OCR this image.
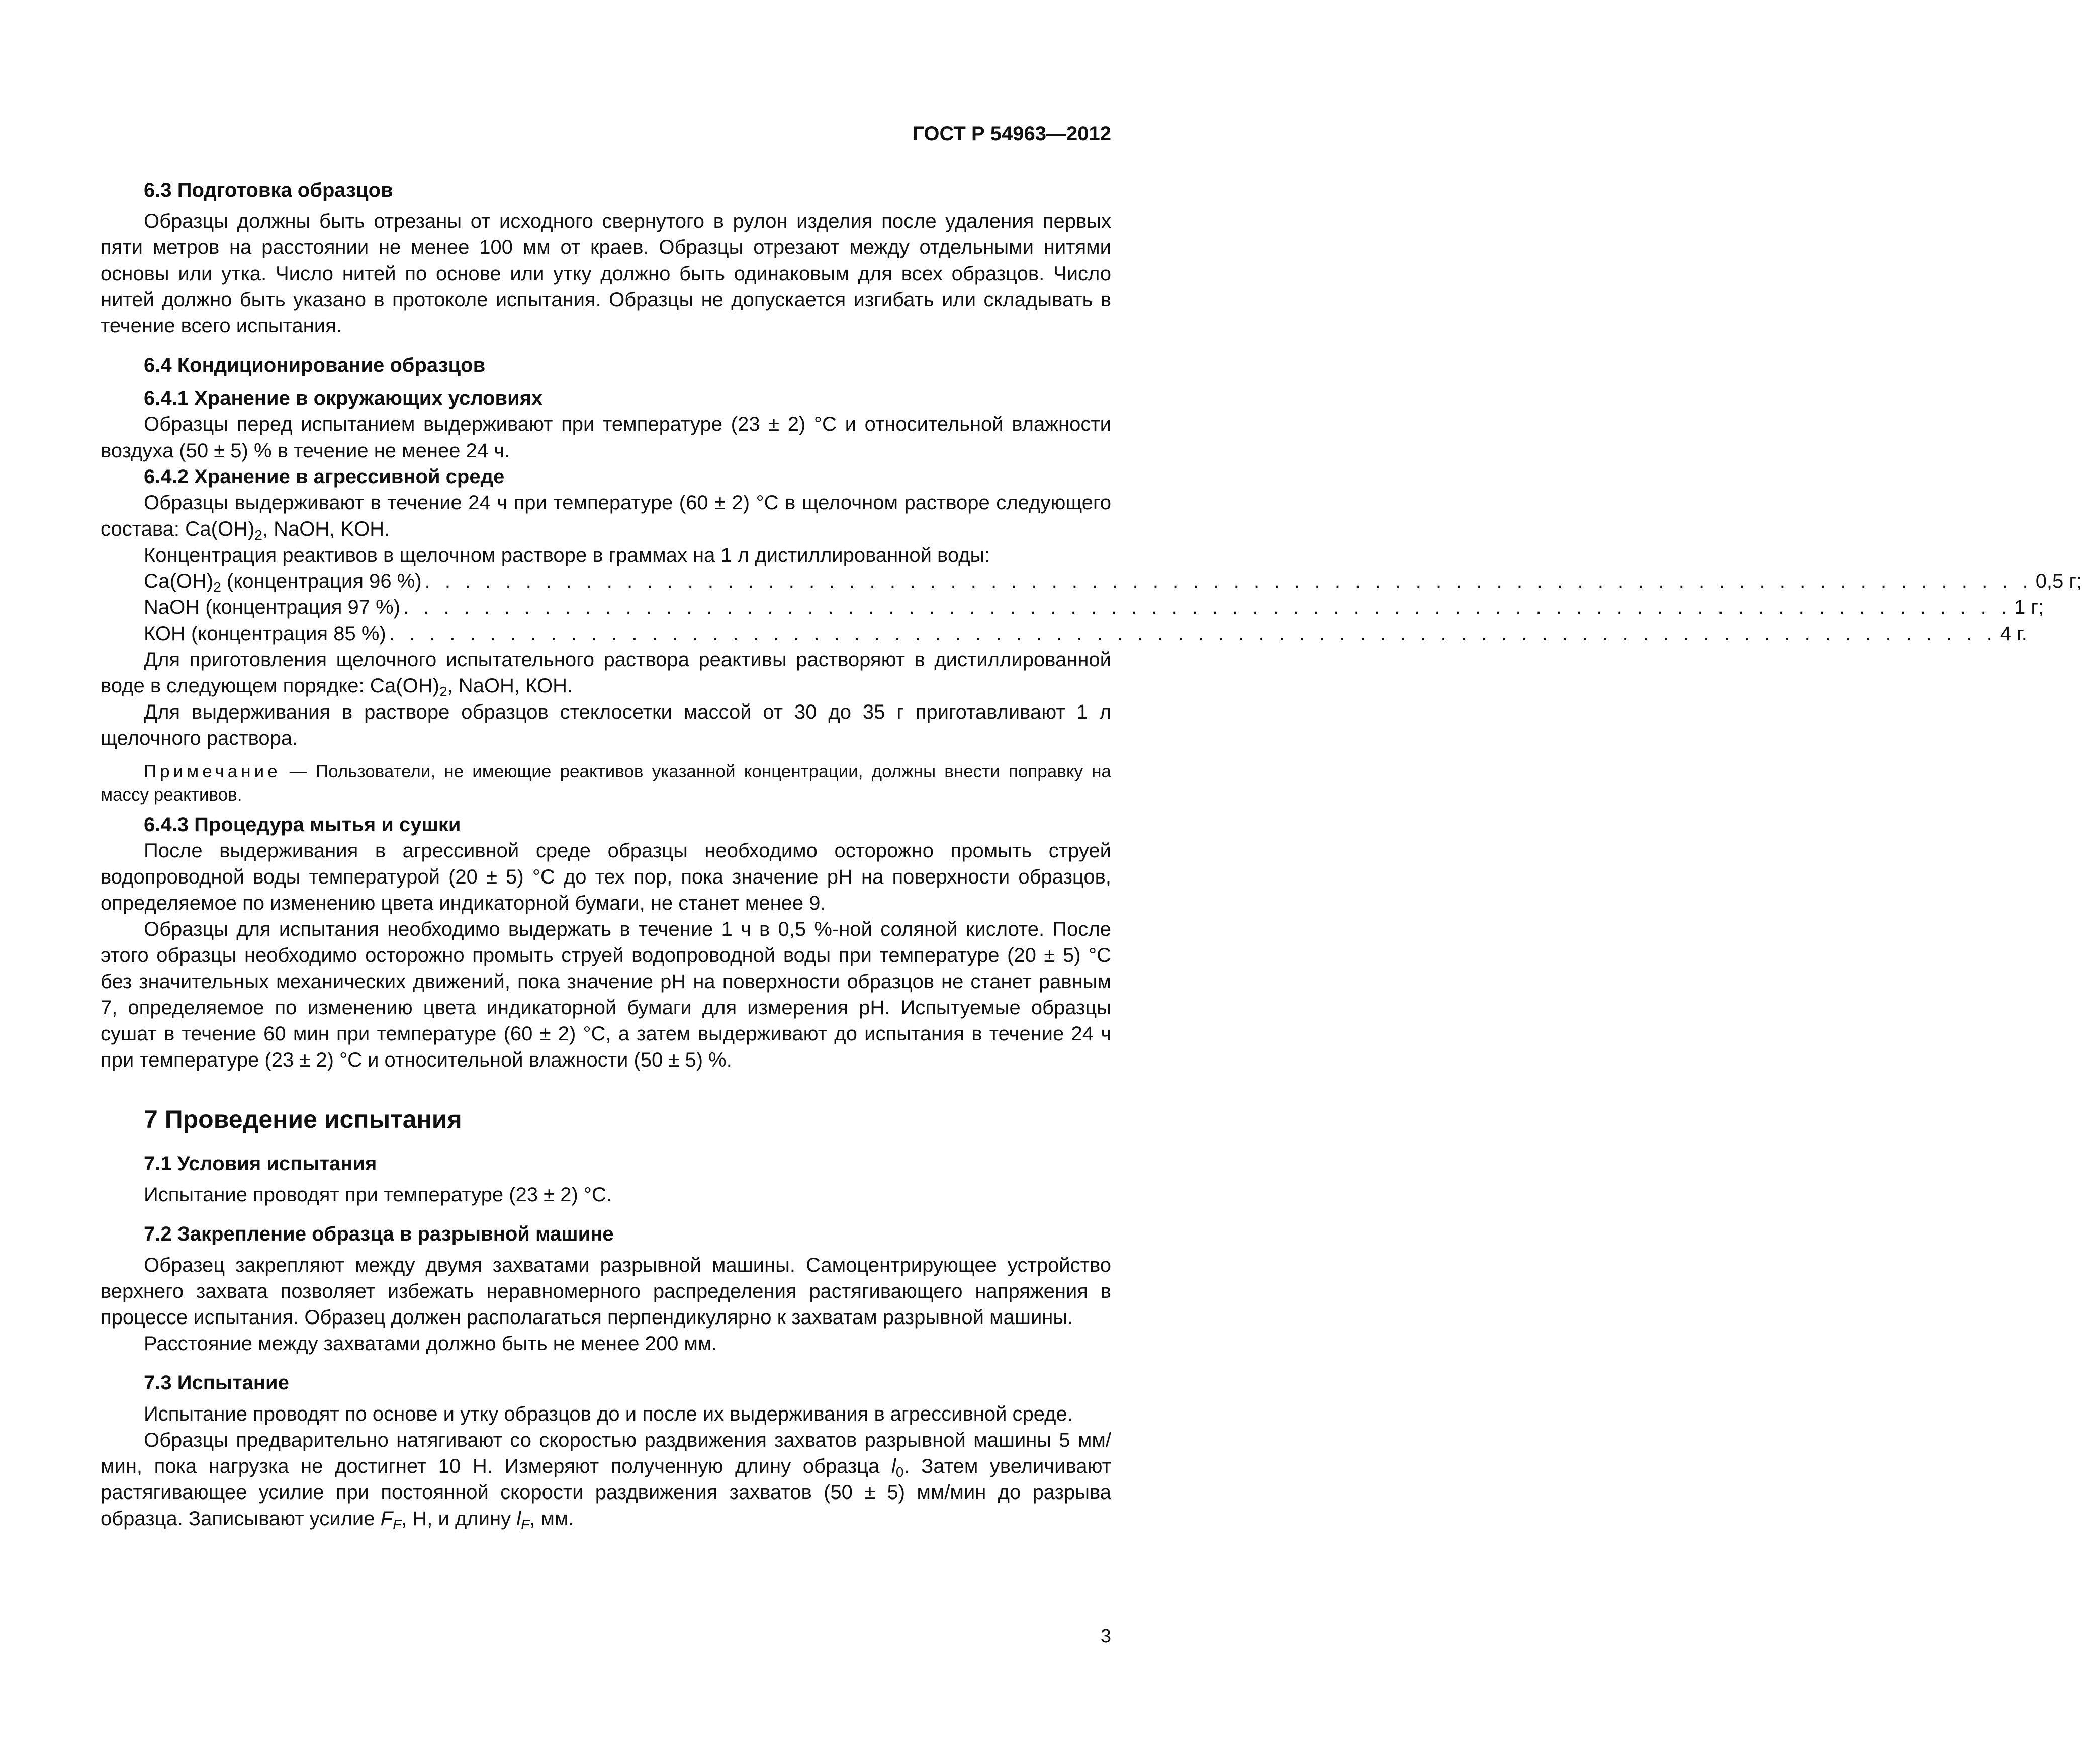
ГОСТ Р 54963—2012

6.3 Подготовка образцов

Образцы должны быть отрезаны от исходного свернутого в рулон изделия после удаления первых пяти метров на расстоянии не менее 100 мм от краев. Образцы отрезают между отдельными нитями основы или утка. Число нитей по основе или утку должно быть одинаковым для всех образцов. Число нитей должно быть указано в протоколе испытания. Образцы не допускается изгибать или складывать в течение всего испытания.

6.4 Кондиционирование образцов

6.4.1 Хранение в окружающих условиях

Образцы перед испытанием выдерживают при температуре (23 ± 2) °С и относительной влажности воздуха (50 ± 5) % в течение не менее 24 ч.

6.4.2 Хранение в агрессивной среде

Образцы выдерживают в течение 24 ч при температуре (60 ± 2) °С в щелочном растворе следующего состава: $Са(ОН)_2$, NaOH, KOH.

Концентрация реактивов в щелочном растворе в граммах на 1 л дистиллированной воды:

$Са(ОН)_2$ (концентрация 96 %) . . . . . . . . . . . . . . . . . . . . . . . . . . . . . . . . . . . . . . . . . . . . . . . . . . . . . . . . . . . . . . . . . . . . . . . . . . . . . . . . 0,5 г;
NaOH (концентрация 97 %) . . . . . . . . . . . . . . . . . . . . . . . . . . . . . . . . . . . . . . . . . . . . . . . . . . . . . . . . . . . . . . . . . . . . . . . . . . . . . . . . 1 г;
КОН (концентрация 85 %) . . . . . . . . . . . . . . . . . . . . . . . . . . . . . . . . . . . . . . . . . . . . . . . . . . . . . . . . . . . . . . . . . . . . . . . . . . . . . . . . 4 г.

Для приготовления щелочного испытательного раствора реактивы растворяют в дистиллированной воде в следующем порядке: $Са(ОН)_2$, NaOH, КОН.

Для выдерживания в растворе образцов стеклосетки массой от 30 до 35 г приготавливают 1 л щелочного раствора.

Примечание — Пользователи, не имеющие реактивов указанной концентрации, должны внести поправку на массу реактивов.

6.4.3 Процедура мытья и сушки

После выдерживания в агрессивной среде образцы необходимо осторожно промыть струей водопроводной воды температурой (20 ± 5) °С до тех пор, пока значение рН на поверхности образцов, определяемое по изменению цвета индикаторной бумаги, не станет менее 9.

Образцы для испытания необходимо выдержать в течение 1 ч в 0,5 %-ной соляной кислоте. После этого образцы необходимо осторожно промыть струей водопроводной воды при температуре (20 ± 5) °С без значительных механических движений, пока значение рН на поверхности образцов не станет равным 7, определяемое по изменению цвета индикаторной бумаги для измерения рН. Испытуемые образцы сушат в течение 60 мин при температуре (60 ± 2) °С, а затем выдерживают до испытания в течение 24 ч при температуре (23 ± 2) °С и относительной влажности (50 ± 5) %.

7 Проведение испытания

7.1 Условия испытания

Испытание проводят при температуре (23 ± 2) °С.

7.2 Закрепление образца в разрывной машине

Образец закрепляют между двумя захватами разрывной машины. Самоцентрирующее устройство верхнего захвата позволяет избежать неравномерного распределения растягивающего напряжения в процессе испытания. Образец должен располагаться перпендикулярно к захватам разрывной машины.

Расстояние между захватами должно быть не менее 200 мм.

7.3 Испытание

Испытание проводят по основе и утку образцов до и после их выдерживания в агрессивной среде.

Образцы предварительно натягивают со скоростью раздвижения захватов разрывной машины 5 мм/мин, пока нагрузка не достигнет 10 Н. Измеряют полученную длину образца $l_0$. Затем увеличивают растягивающее усилие при постоянной скорости раздвижения захватов (50 ± 5) мм/мин до разрыва образца. Записывают усилие $F_F$, Н, и длину $l_F$, мм.

3
